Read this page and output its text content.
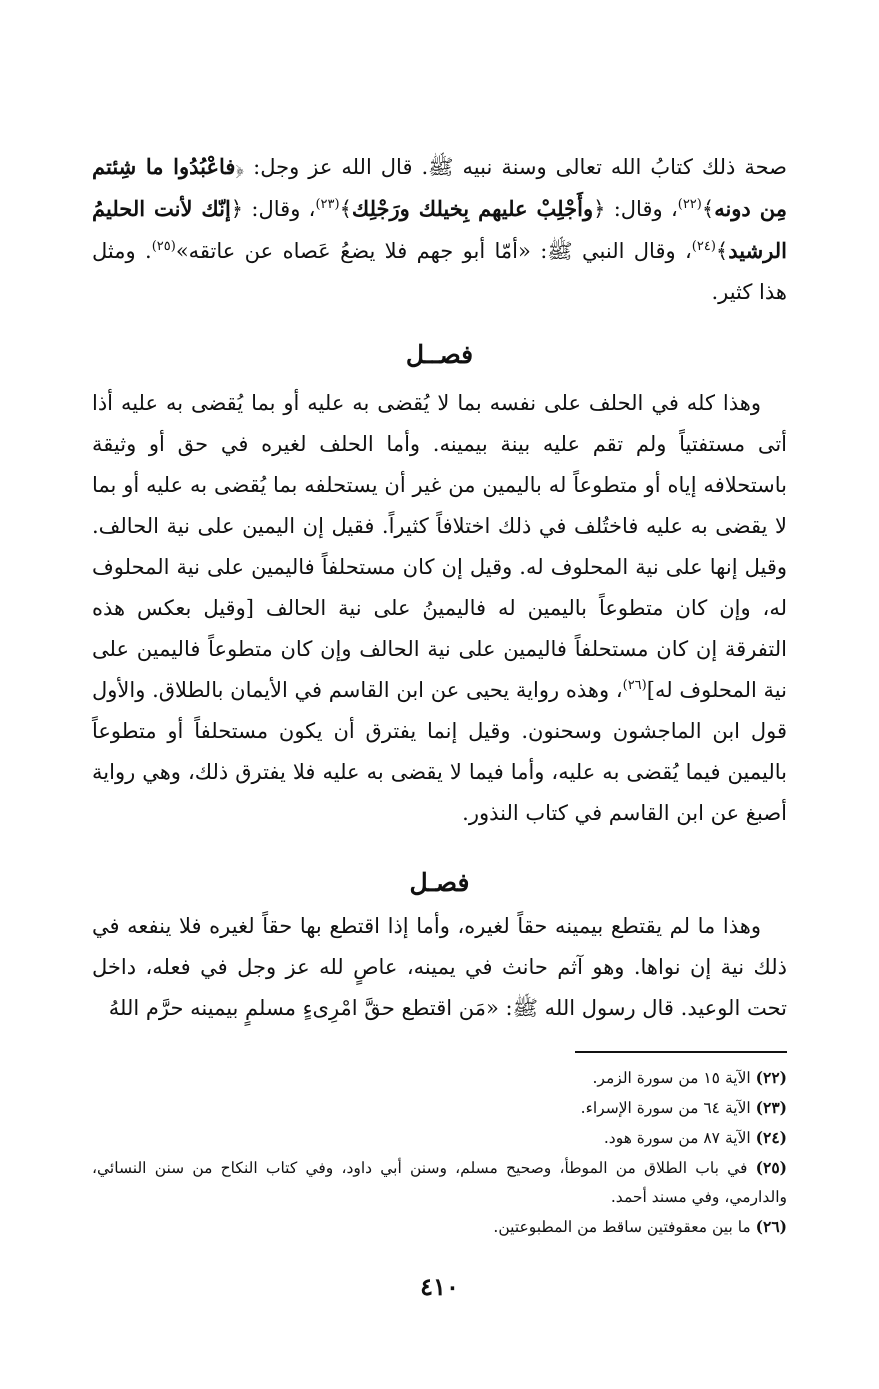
صحة ذلك كتابُ الله تعالى وسنة نبيه ﷺ. قال الله عز وجل: ﴿فاعْبُدُوا ما شِئتم مِن دونه﴾$^{(٢٢)}$، وقال: ﴿وأَجْلِبْ عليهم بِخيلك ورَجْلِك﴾$^{(٢٣)}$، وقال: ﴿إنّك لأنت الحليمُ الرشيد﴾$^{(٢٤)}$، وقال النبي ﷺ: «أمّا أبو جهم فلا يضعُ عَصاه عن عاتقه»$^{(٢٥)}$. ومثل هذا كثير.

فصــل

وهذا كله في الحلف على نفسه بما لا يُقضى به عليه أو بما يُقضى به عليه أذا أتى مستفتياً ولم تقم عليه بينة بيمينه. وأما الحلف لغيره في حق أو وثيقة باستحلافه إياه أو متطوعاً له باليمين من غير أن يستحلفه بما يُقضى به عليه أو بما لا يقضى به عليه فاختُلف في ذلك اختلافاً كثيراً. فقيل إن اليمين على نية الحالف. وقيل إنها على نية المحلوف له. وقيل إن كان مستحلفاً فاليمين على نية المحلوف له، وإن كان متطوعاً باليمين له فاليمينُ على نية الحالف [وقيل بعكس هذه التفرقة إن كان مستحلفاً فاليمين على نية الحالف وإن كان متطوعاً فاليمين على نية المحلوف له]$^{(٢٦)}$، وهذه رواية يحيى عن ابن القاسم في الأيمان بالطلاق. والأول قول ابن الماجشون وسحنون. وقيل إنما يفترق أن يكون مستحلفاً أو متطوعاً باليمين فيما يُقضى به عليه، وأما فيما لا يقضى به عليه فلا يفترق ذلك، وهي رواية أصبغ عن ابن القاسم في كتاب النذور.

فصـل

وهذا ما لم يقتطع بيمينه حقاً لغيره، وأما إذا اقتطع بها حقاً لغيره فلا ينفعه في ذلك نية إن نواها. وهو آثم حانث في يمينه، عاصٍ لله عز وجل في فعله، داخل تحت الوعيد. قال رسول الله ﷺ: «مَن اقتطع حقَّ امْرِىءٍ مسلمٍ بيمينه حرَّم اللهُ

(٢٢) الآية ١٥ من سورة الزمر.

(٢٣) الآية ٦٤ من سورة الإسراء.

(٢٤) الآية ٨٧ من سورة هود.

(٢٥) في باب الطلاق من الموطأ، وصحيح مسلم، وسنن أبي داود، وفي كتاب النكاح من سنن النسائي، والدارمي، وفي مسند أحمد.

(٢٦) ما بين معقوفتين ساقط من المطبوعتين.

٤١٠
